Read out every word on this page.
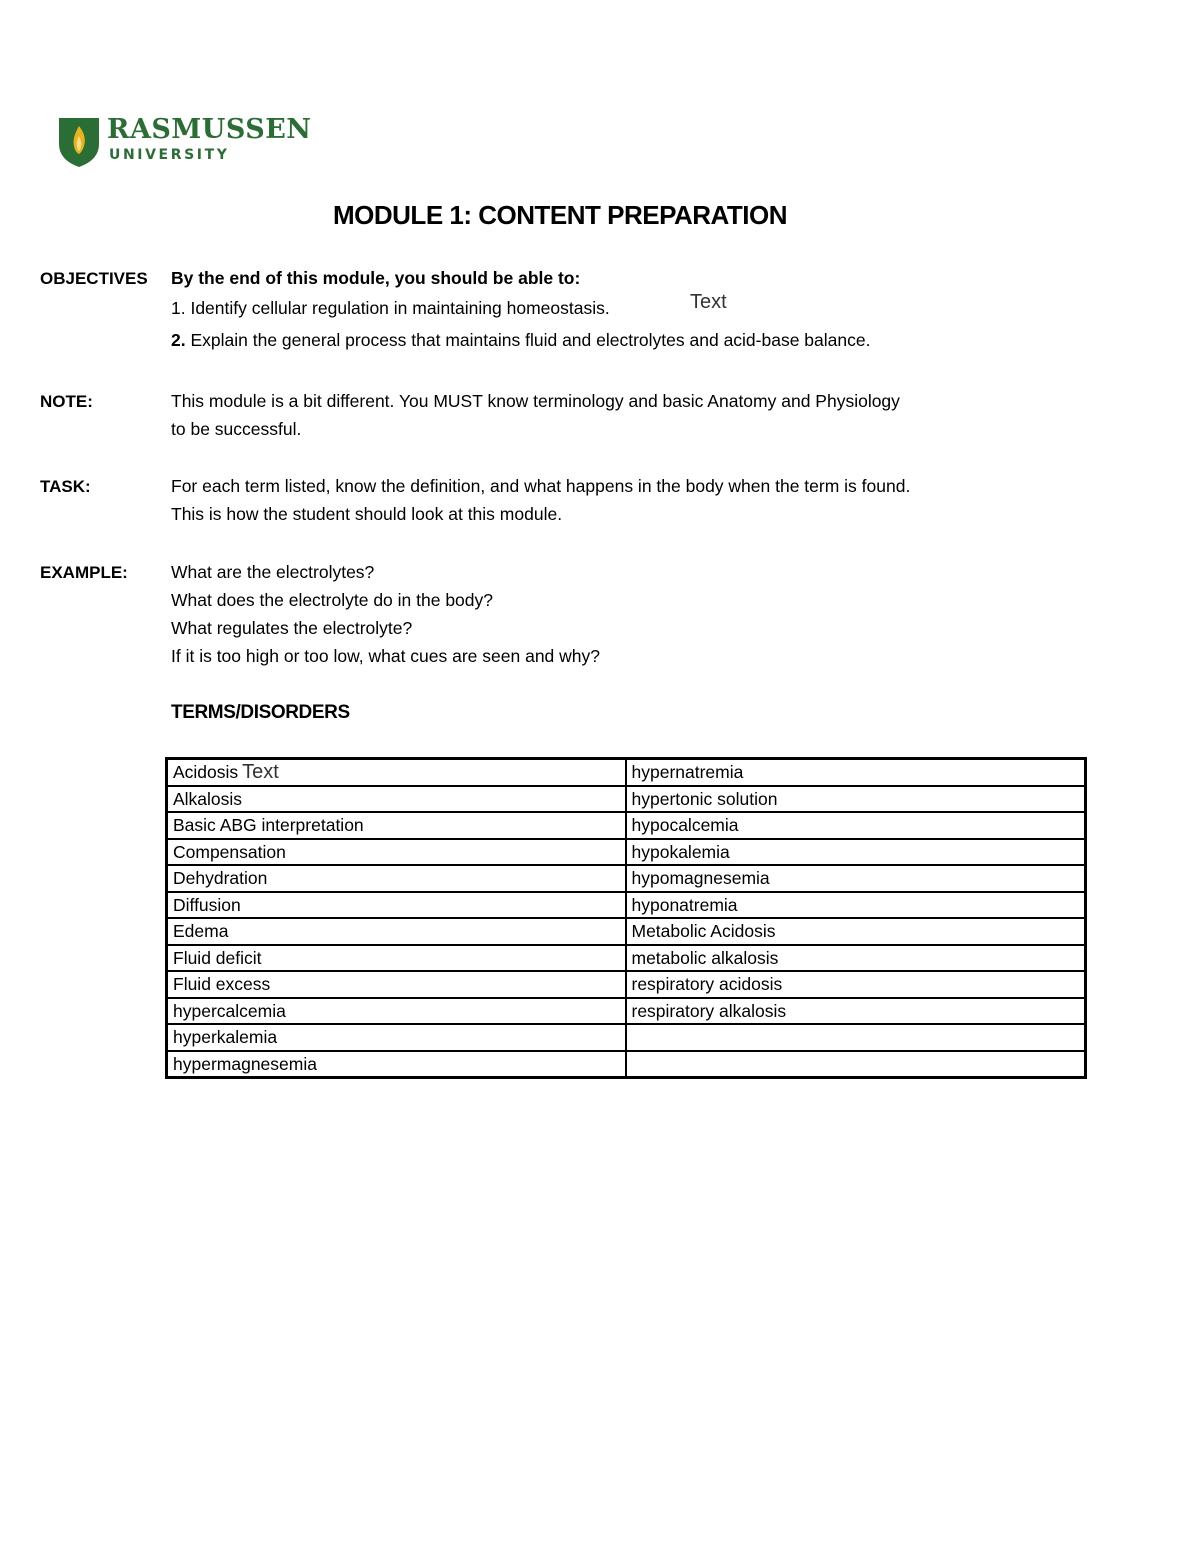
RASMUSSEN
UNIVERSITY
MODULE 1: CONTENT PREPARATION
OBJECTIVES By the end of this module, you should be able to:
1. Identify cellular regulation in maintaining homeostasis.	Text
2. Explain the general process that maintains fluid and electrolytes and acid-base balance.
NOTE:	This module is a bit different. You MUST know terminology and basic Anatomy and Physiology
to be successful.
TASK:	For each term listed, know the definition, and what happens in the body when the term is found.
This is how the student should look at this module.
EXAMPLE: What are the electrolytes?
What does the electrolyte do in the body?
What regulates the electrolyte?
If it is too high or too low, what cues are seen and why?
TERMS/DISORDERS
Acidosis Text	hypernatremia
Alkalosis	hypertonic solution
Basic ABG interpretation	hypocalcemia
Compensation	hypokalemia
Dehydration	hypomagnesemia
Diffusion	hyponatremia
Edema	Metabolic Acidosis
Fluid deficit	metabolic alkalosis
Fluid excess	respiratory acidosis
hypercalcemia	respiratory alkalosis
hyperkalemia	
hypermagnesemia	
